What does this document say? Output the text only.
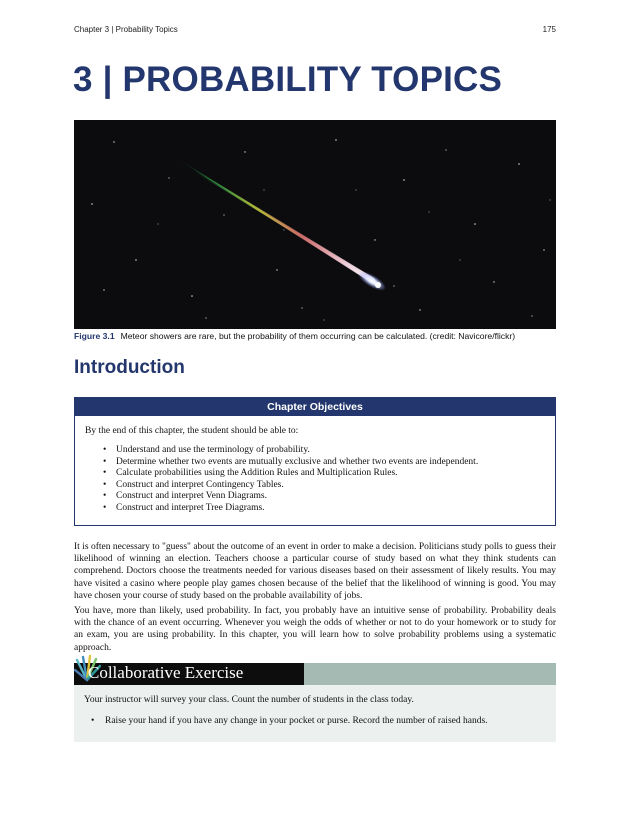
Chapter 3 | Probability Topics	175
3 | PROBABILITY TOPICS
Figure 3.1 Meteor showers are rare, but the probability of them occurring can be calculated. (credit: Navicore/flickr)
Introduction
Chapter Objectives
By the end of this chapter, the student should be able to:
• Understand and use the terminology of probability.
• Determine whether two events are mutually exclusive and whether two events are independent.
• Calculate probabilities using the Addition Rules and Multiplication Rules.
• Construct and interpret Contingency Tables.
• Construct and interpret Venn Diagrams.
• Construct and interpret Tree Diagrams.

It is often necessary to "guess" about the outcome of an event in order to make a decision. Politicians study polls to guess their likelihood of winning an election. Teachers choose a particular course of study based on what they think students can comprehend. Doctors choose the treatments needed for various diseases based on their assessment of likely results. You may have visited a casino where people play games chosen because of the belief that the likelihood of winning is good. You may have chosen your course of study based on the probable availability of jobs.

You have, more than likely, used probability. In fact, you probably have an intuitive sense of probability. Probability deals with the chance of an event occurring. Whenever you weigh the odds of whether or not to do your homework or to study for an exam, you are using probability. In this chapter, you will learn how to solve probability problems using a systematic approach.

Collaborative Exercise
Your instructor will survey your class. Count the number of students in the class today.
• Raise your hand if you have any change in your pocket or purse. Record the number of raised hands.
